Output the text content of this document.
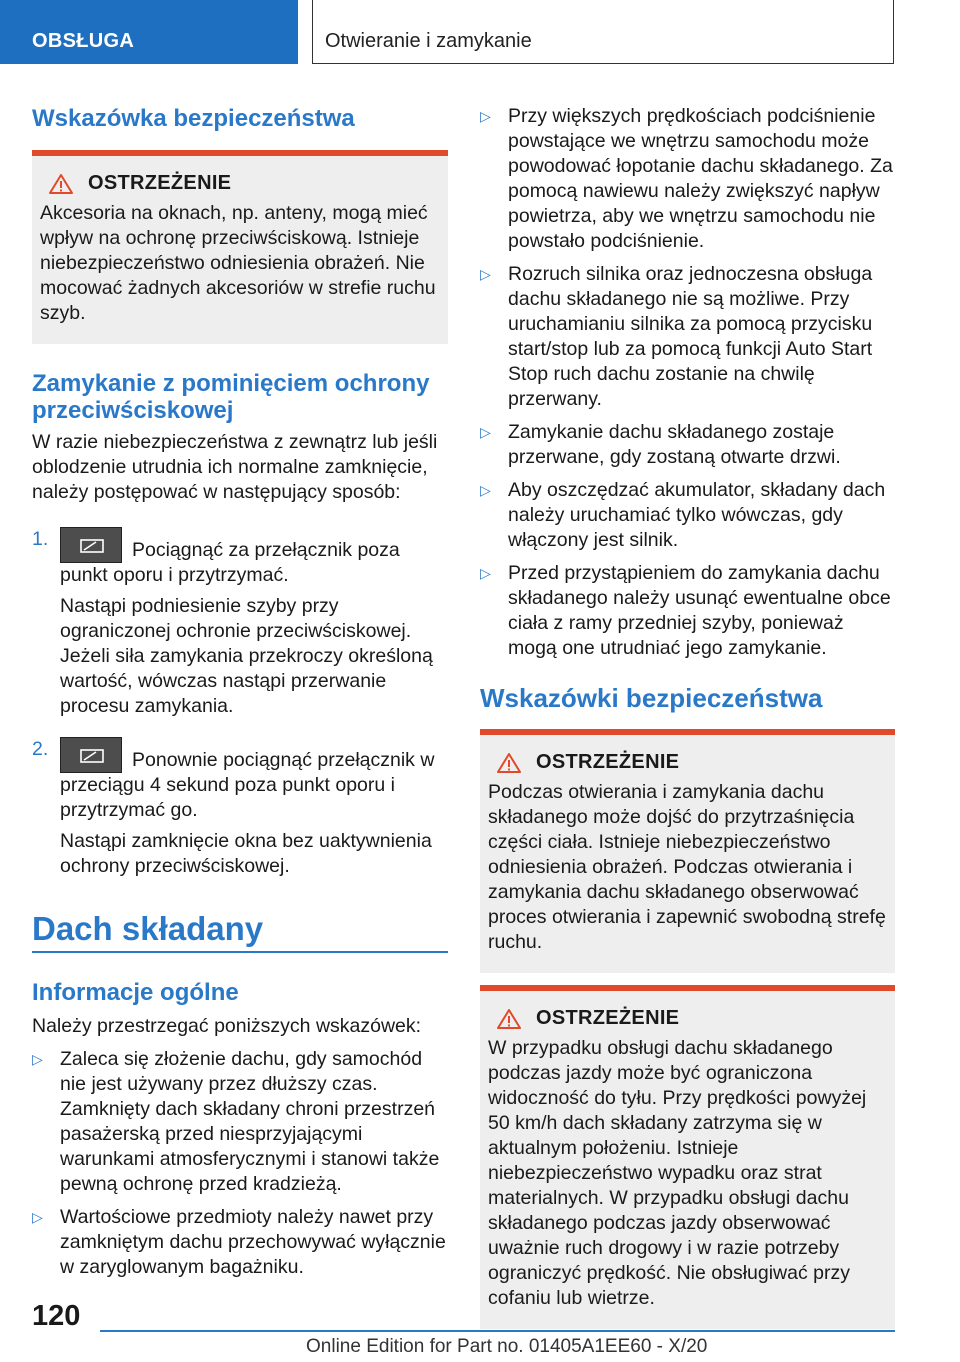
OBSŁUGA	Otwieranie i zamykanie
Wskazówka bezpieczeństwa
OSTRZEŻENIE

Akcesoria na oknach, np. anteny, mogą mieć wpływ na ochronę przeciwściskową. Istnieje niebezpieczeństwo odniesienia obrażeń. Nie mocować żadnych akcesoriów w strefie ruchu szyb.

Zamykanie z pominięciem ochrony przeciwściskowej

W razie niebezpieczeństwa z zewnątrz lub jeśli oblodzenie utrudnia ich normalne zamknięcie, należy postępować w następujący sposób:

1.	Pociągnąć za przełącznik poza punkt oporu i przytrzymać.

Nastąpi podniesienie szyby przy ograniczonej ochronie przeciwściskowej. Jeżeli siła zamykania przekroczy określoną wartość, wówczas nastąpi przerwanie procesu zamykania.

2.	Ponownie pociągnąć przełącznik w przeciągu 4 sekund poza punkt oporu i przytrzymać go.

Nastąpi zamknięcie okna bez uaktywnienia ochrony przeciwściskowej.

Dach składany
Informacje ogólne

Należy przestrzegać poniższych wskazówek:

▷ Zaleca się złożenie dachu, gdy samochód nie jest używany przez dłuższy czas. Zamknięty dach składany chroni przestrzeń pasażerską przed niesprzyjającymi warunkami atmosferycznymi i stanowi także pewną ochronę przed kradzieżą.
▷ Wartościowe przedmioty należy nawet przy zamkniętym dachu przechowywać wyłącznie w zaryglowanym bagażniku.
▷ Przy większych prędkościach podciśnienie powstające we wnętrzu samochodu może powodować łopotanie dachu składanego. Za pomocą nawiewu należy zwiększyć napływ powietrza, aby we wnętrzu samochodu nie powstało podciśnienie.
▷ Rozruch silnika oraz jednoczesna obsługa dachu składanego nie są możliwe. Przy uruchamianiu silnika za pomocą przycisku start/stop lub za pomocą funkcji Auto Start Stop ruch dachu zostanie na chwilę przerwany.
▷ Zamykanie dachu składanego zostaje przerwane, gdy zostaną otwarte drzwi.
▷ Aby oszczędzać akumulator, składany dach należy uruchamiać tylko wówczas, gdy włączony jest silnik.
▷ Przed przystąpieniem do zamykania dachu składanego należy usunąć ewentualne obce ciała z ramy przedniej szyby, ponieważ mogą one utrudniać jego zamykanie.
Wskazówki bezpieczeństwa
OSTRZEŻENIE

Podczas otwierania i zamykania dachu składanego może dojść do przytrzaśnięcia części ciała. Istnieje niebezpieczeństwo odniesienia obrażeń. Podczas otwierania i zamykania dachu składanego obserwować proces otwierania i zapewnić swobodną strefę ruchu.

OSTRZEŻENIE

W przypadku obsługi dachu składanego podczas jazdy może być ograniczona widoczność do tyłu. Przy prędkości powyżej 50 km/h dach składany zatrzyma się w aktualnym położeniu. Istnieje niebezpieczeństwo wypadku oraz strat materialnych. W przypadku obsługi dachu składanego podczas jazdy obserwować uważnie ruch drogowy i w razie potrzeby ograniczyć prędkość. Nie obsługiwać przy cofaniu lub wietrze.

120
Online Edition for Part no. 01405A1EE60 - X/20
